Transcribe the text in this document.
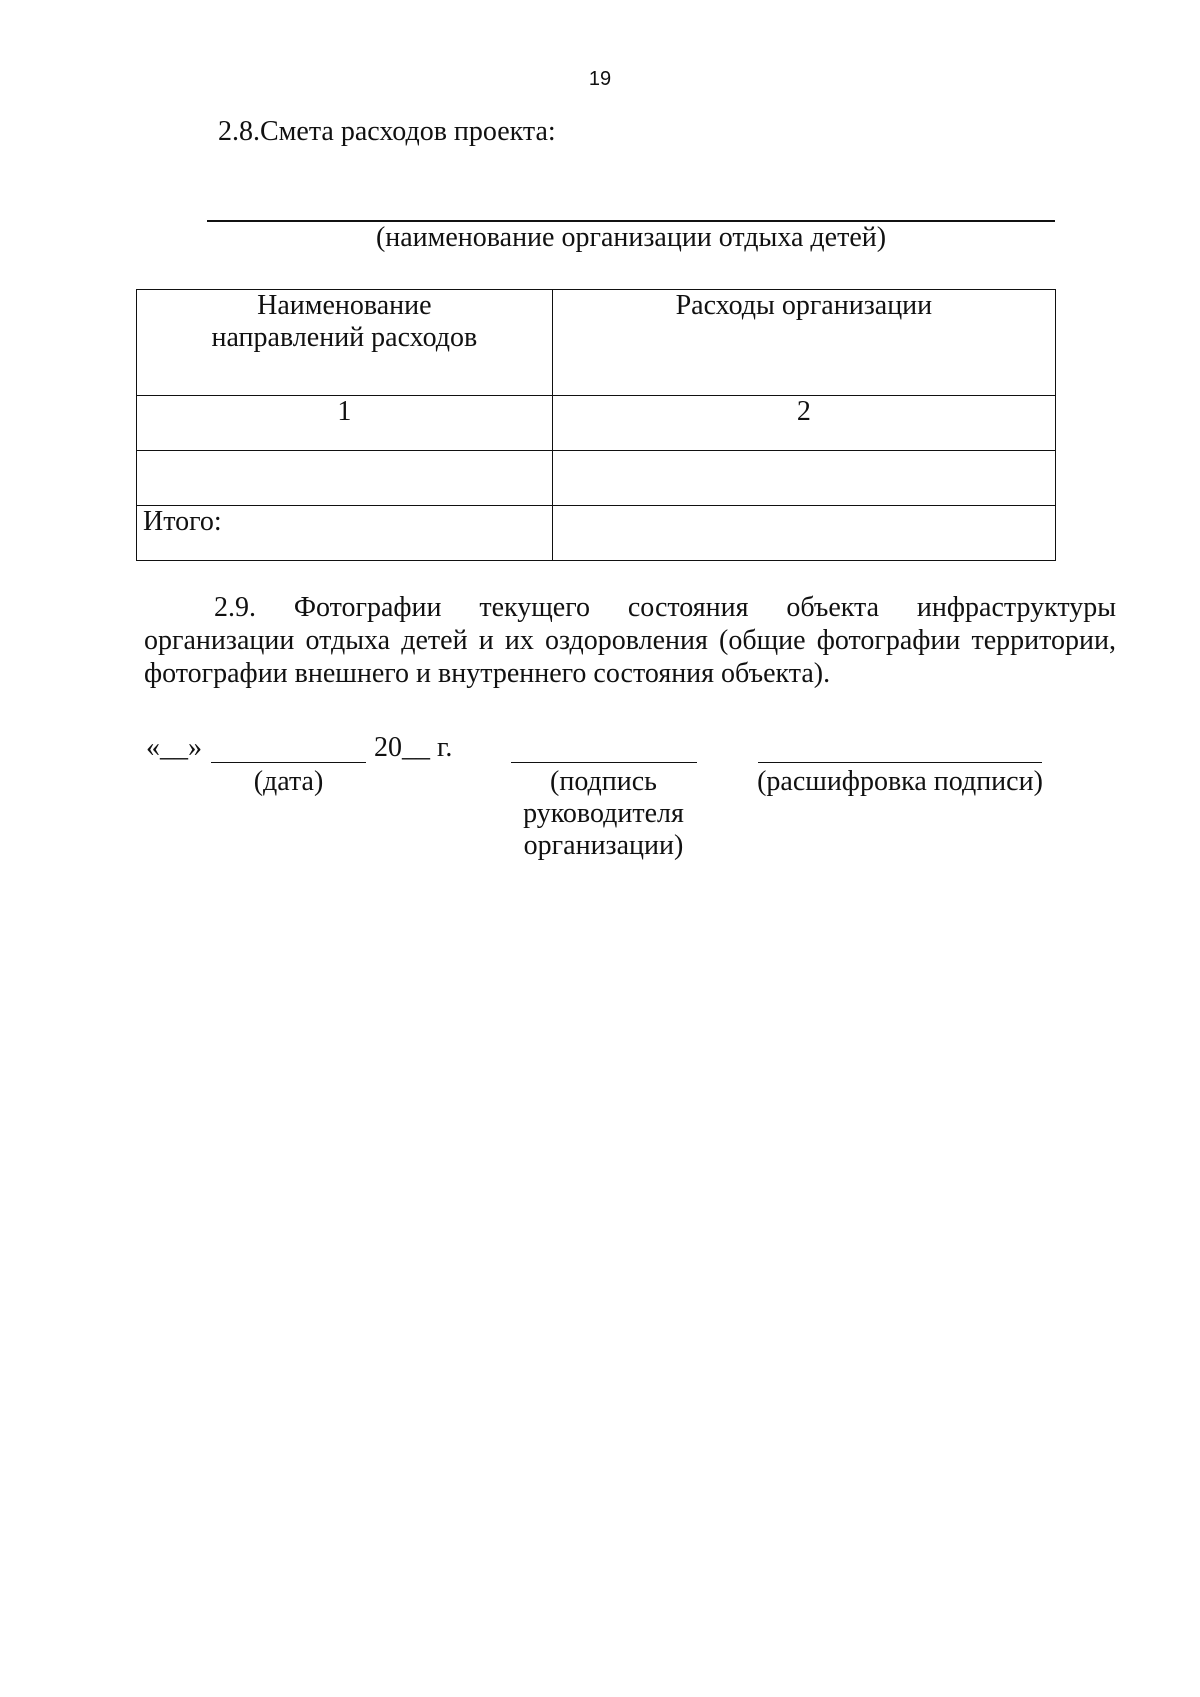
19
2.8.Смета расходов проекта:
(наименование организации отдыха детей)
Наименование направлений расходов	Расходы организации
1	2

Итого:	
2.9. Фотографии текущего состояния объекта инфраструктуры
организации отдыха детей и их оздоровления (общие фотографии территории,
фотографии внешнего и внутреннего состояния объекта).
«__»	20__ г.
(дата)	(подпись руководителя организации)
(расшифровка подписи)
